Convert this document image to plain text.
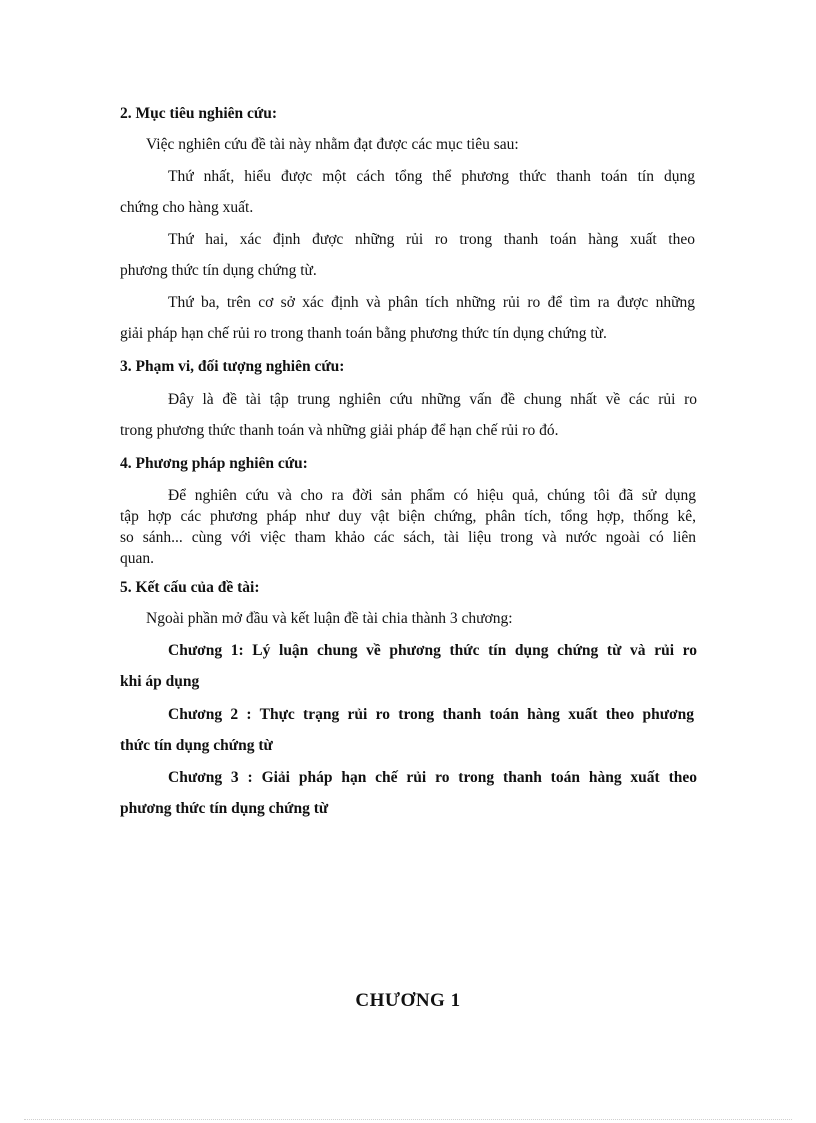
2. Mục tiêu nghiên cứu:
Việc nghiên cứu đề tài này nhằm đạt được các mục tiêu sau:
Thứ nhất, hiểu được một cách tổng thể phương thức thanh toán tín dụng
chứng cho hàng xuất.
Thứ hai, xác định được những rủi ro trong thanh toán hàng xuất theo
phương thức tín dụng chứng từ.
Thứ ba, trên cơ sở xác định và phân tích những rủi ro để tìm ra được những
giải pháp hạn chế rủi ro trong thanh toán bằng phương thức tín dụng chứng từ.
3. Phạm vi, đối tượng nghiên cứu:
Đây là đề tài tập trung nghiên cứu những vấn đề chung nhất về các rủi ro
trong phương thức thanh toán và những giải pháp để hạn chế rủi ro đó.
4. Phương pháp nghiên cứu:
Để nghiên cứu và cho ra đời sản phẩm có hiệu quả, chúng tôi đã sử dụng
tập hợp các phương pháp như duy vật biện chứng, phân tích, tổng hợp, thống kê,
so sánh... cùng với việc tham khảo các sách, tài liệu trong và nước ngoài có liên
quan.
5. Kết cấu của đề tài:
Ngoài phần mở đầu và kết luận đề tài chia thành 3 chương:
Chương 1: Lý luận chung về phương thức tín dụng chứng từ và rủi ro
khi áp dụng
Chương 2 : Thực trạng rủi ro trong thanh toán hàng xuất theo phương
thức tín dụng chứng từ
Chương 3 : Giải pháp hạn chế rủi ro trong thanh toán hàng xuất theo
phương thức tín dụng chứng từ
CHƯƠNG 1
